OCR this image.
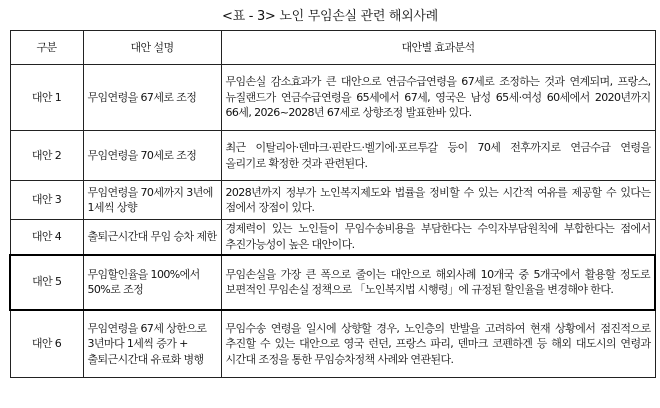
<표 - 3> 노인 무임손실 관련 해외사례
구분	대안 설명	대안별 효과분석
대안 1	무임연령을 67세로 조정	무임손실 감소효과가 큰 대안으로 연금수급연령을 67세로 조정하는 것과 연계되며, 프랑스, 뉴질랜드가 연금수급연령을 65세에서 67세, 영국은 남성 65세·여성 60세에서 2020년까지 66세, 2026~2028년 67세로 상향조정 발표한바 있다.
대안 2	무임연령을 70세로 조정	최근 이탈리아·덴마크·핀란드·벨기에·포르투갈 등이 70세 전후까지로 연금수급 연령을 올리기로 확정한 것과 관련된다.
대안 3	무임연령을 70세까지 3년에 1세씩 상향	2028년까지 정부가 노인복지제도와 법률을 정비할 수 있는 시간적 여유를 제공할 수 있다는 점에서 장점이 있다.
대안 4	출퇴근시간대 무임 승차 제한	경제력이 있는 노인들이 무임수송비용을 부담한다는 수익자부담원칙에 부합한다는 점에서 추진가능성이 높은 대안이다.
대안 5	무임할인율을 100%에서 50%로 조정	무임손실을 가장 큰 폭으로 줄이는 대안으로 해외사례 10개국 중 5개국에서 활용할 정도로 보편적인 무임손실 정책으로 「노인복지법 시행령」에 규정된 할인율을 변경해야 한다.
대안 6	무임연령을 67세 상한으로 3년마다 1세씩 증가 + 출퇴근시간대 유료화 병행	무임수송 연령을 일시에 상향할 경우, 노인층의 반발을 고려하여 현재 상황에서 점진적으로 추진할 수 있는 대안으로 영국 런던, 프랑스 파리, 덴마크 코펜하겐 등 해외 대도시의 연령과 시간대 조정을 통한 무임승차정책 사례와 연관된다.
